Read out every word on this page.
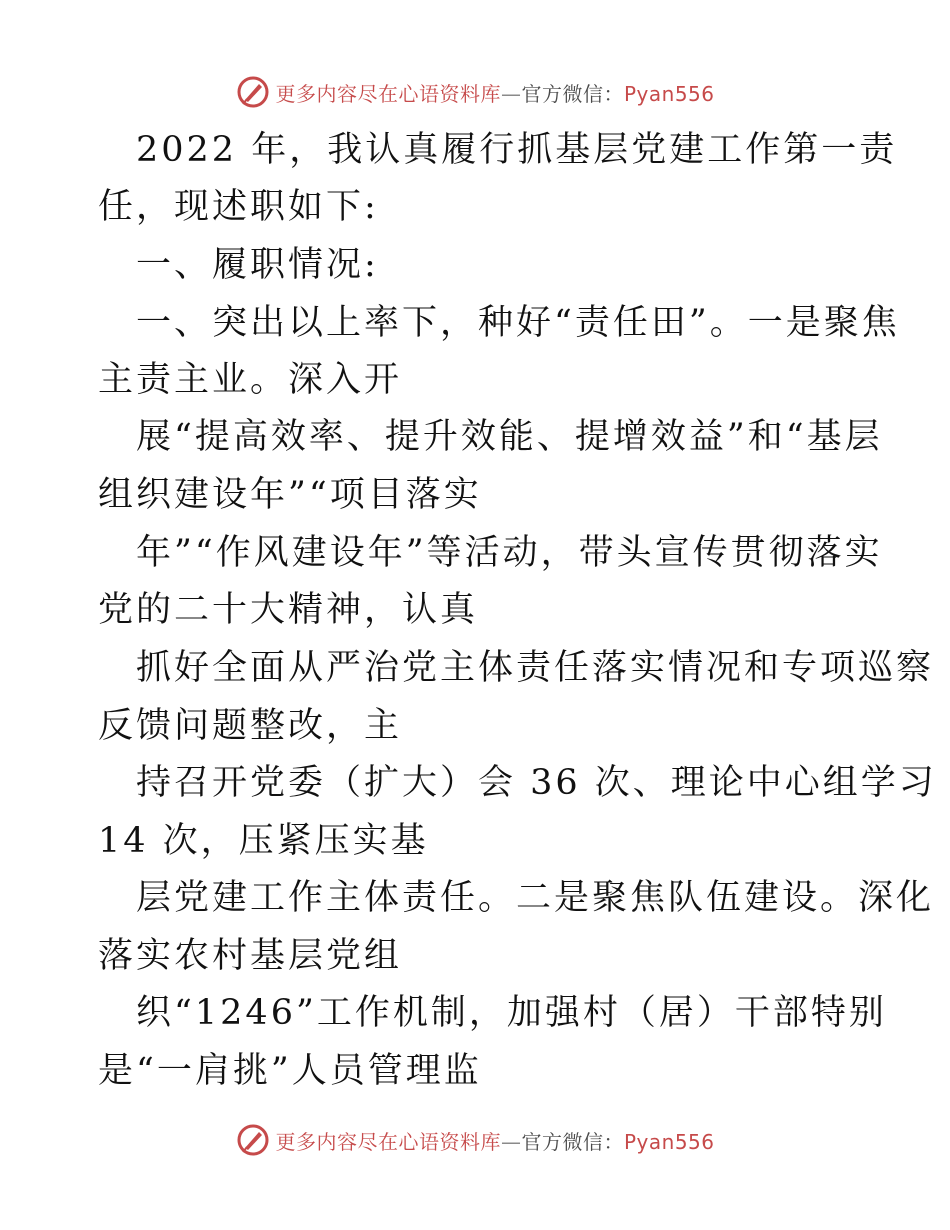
更多内容尽在心语资料库—官方微信：Pyan556
2022 年，我认真履行抓基层党建工作第一责
任，现述职如下:
一、履职情况:
一、突出以上率下，种好“责任田”。一是聚焦
主责主业。深入开
展“提高效率、提升效能、提增效益”和“基层
组织建设年”“项目落实
年”“作风建设年”等活动，带头宣传贯彻落实
党的二十大精神，认真
抓好全面从严治党主体责任落实情况和专项巡察
反馈问题整改，主
持召开党委（扩大）会 36 次、理论中心组学习
14 次，压紧压实基
层党建工作主体责任。二是聚焦队伍建设。深化
落实农村基层党组
织“1246”工作机制，加强村（居）干部特别
是“一肩挑”人员管理监
更多内容尽在心语资料库—官方微信：Pyan556
